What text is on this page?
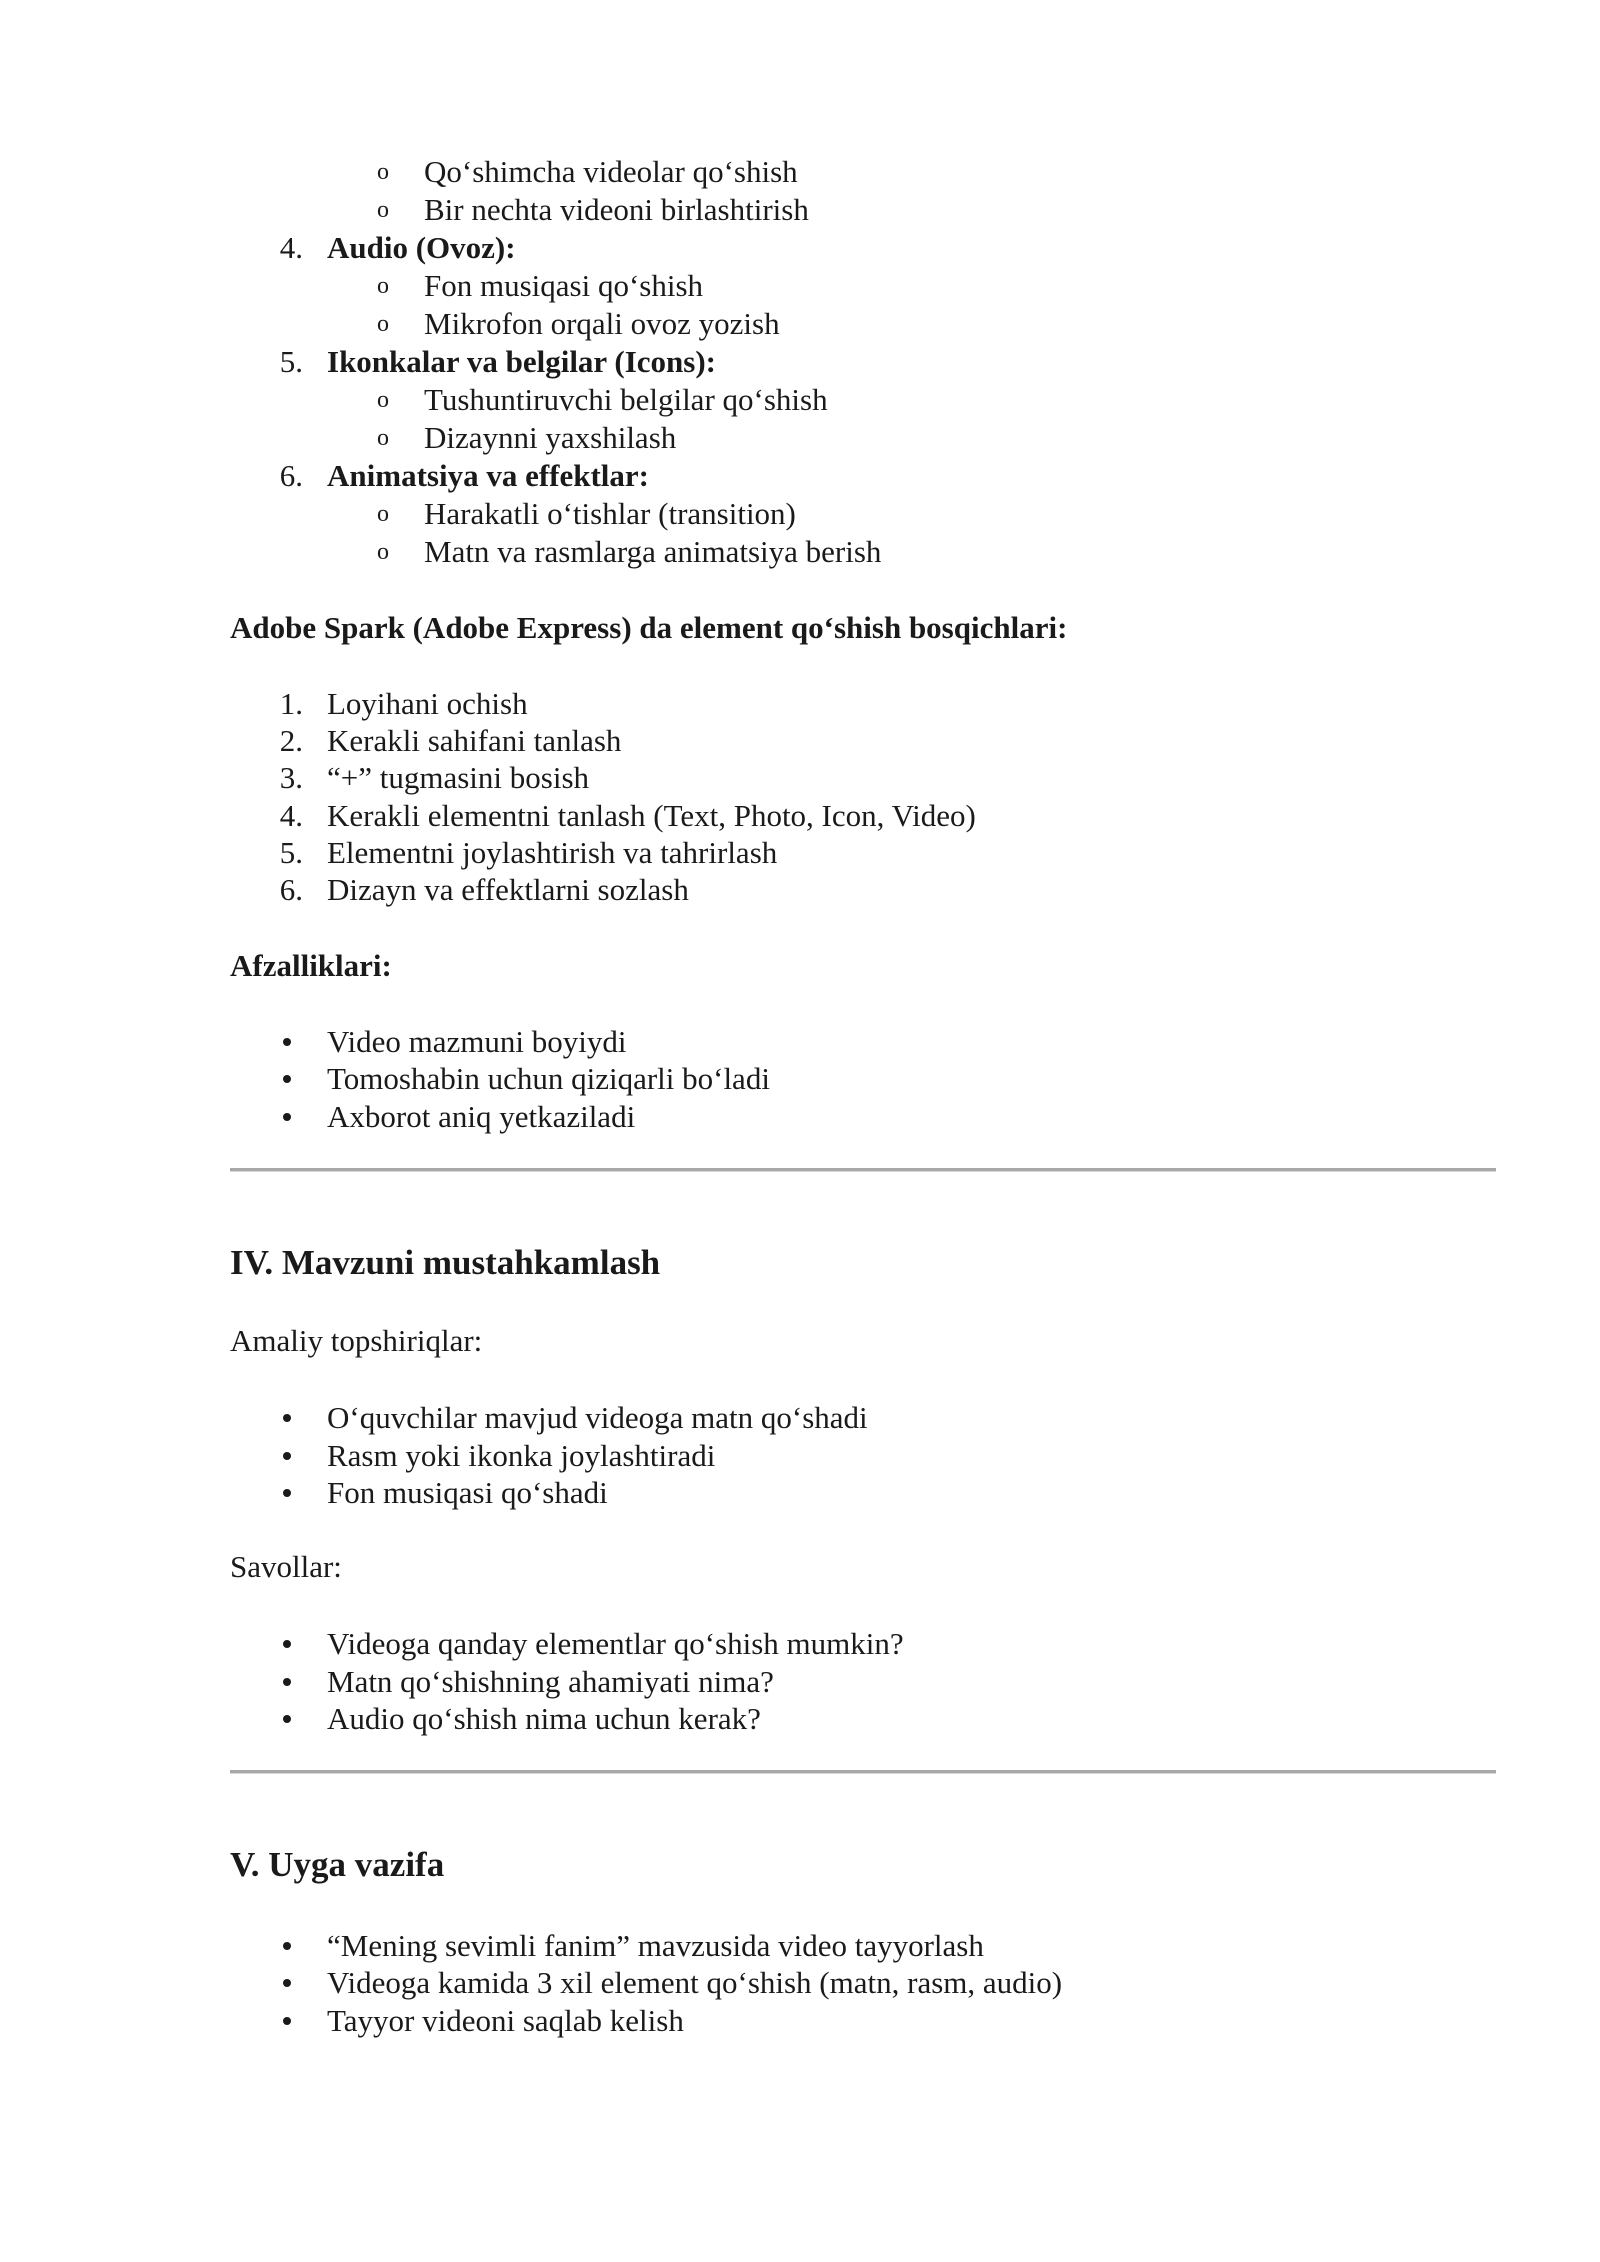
o Qo‘shimcha videolar qo‘shish
o Bir nechta videoni birlashtirish
4. Audio (Ovoz):
o Fon musiqasi qo‘shish
o Mikrofon orqali ovoz yozish
5. Ikonkalar va belgilar (Icons):
o Tushuntiruvchi belgilar qo‘shish
o Dizaynni yaxshilash
6. Animatsiya va effektlar:
o Harakatli o‘tishlar (transition)
o Matn va rasmlarga animatsiya berish
Adobe Spark (Adobe Express) da element qo‘shish bosqichlari:
1. Loyihani ochish
2. Kerakli sahifani tanlash
3. “+” tugmasini bosish
4. Kerakli elementni tanlash (Text, Photo, Icon, Video)
5. Elementni joylashtirish va tahrirlash
6. Dizayn va effektlarni sozlash
Afzalliklari:
Video mazmuni boyiydi
Tomoshabin uchun qiziqarli bo‘ladi
Axborot aniq yetkaziladi
IV. Mavzuni mustahkamlash
Amaliy topshiriqlar:
O‘quvchilar mavjud videoga matn qo‘shadi
Rasm yoki ikonka joylashtiradi
Fon musiqasi qo‘shadi
Savollar:
Videoga qanday elementlar qo‘shish mumkin?
Matn qo‘shishning ahamiyati nima?
Audio qo‘shish nima uchun kerak?
V. Uyga vazifa
“Mening sevimli fanim” mavzusida video tayyorlash
Videoga kamida 3 xil element qo‘shish (matn, rasm, audio)
Tayyor videoni saqlab kelish
